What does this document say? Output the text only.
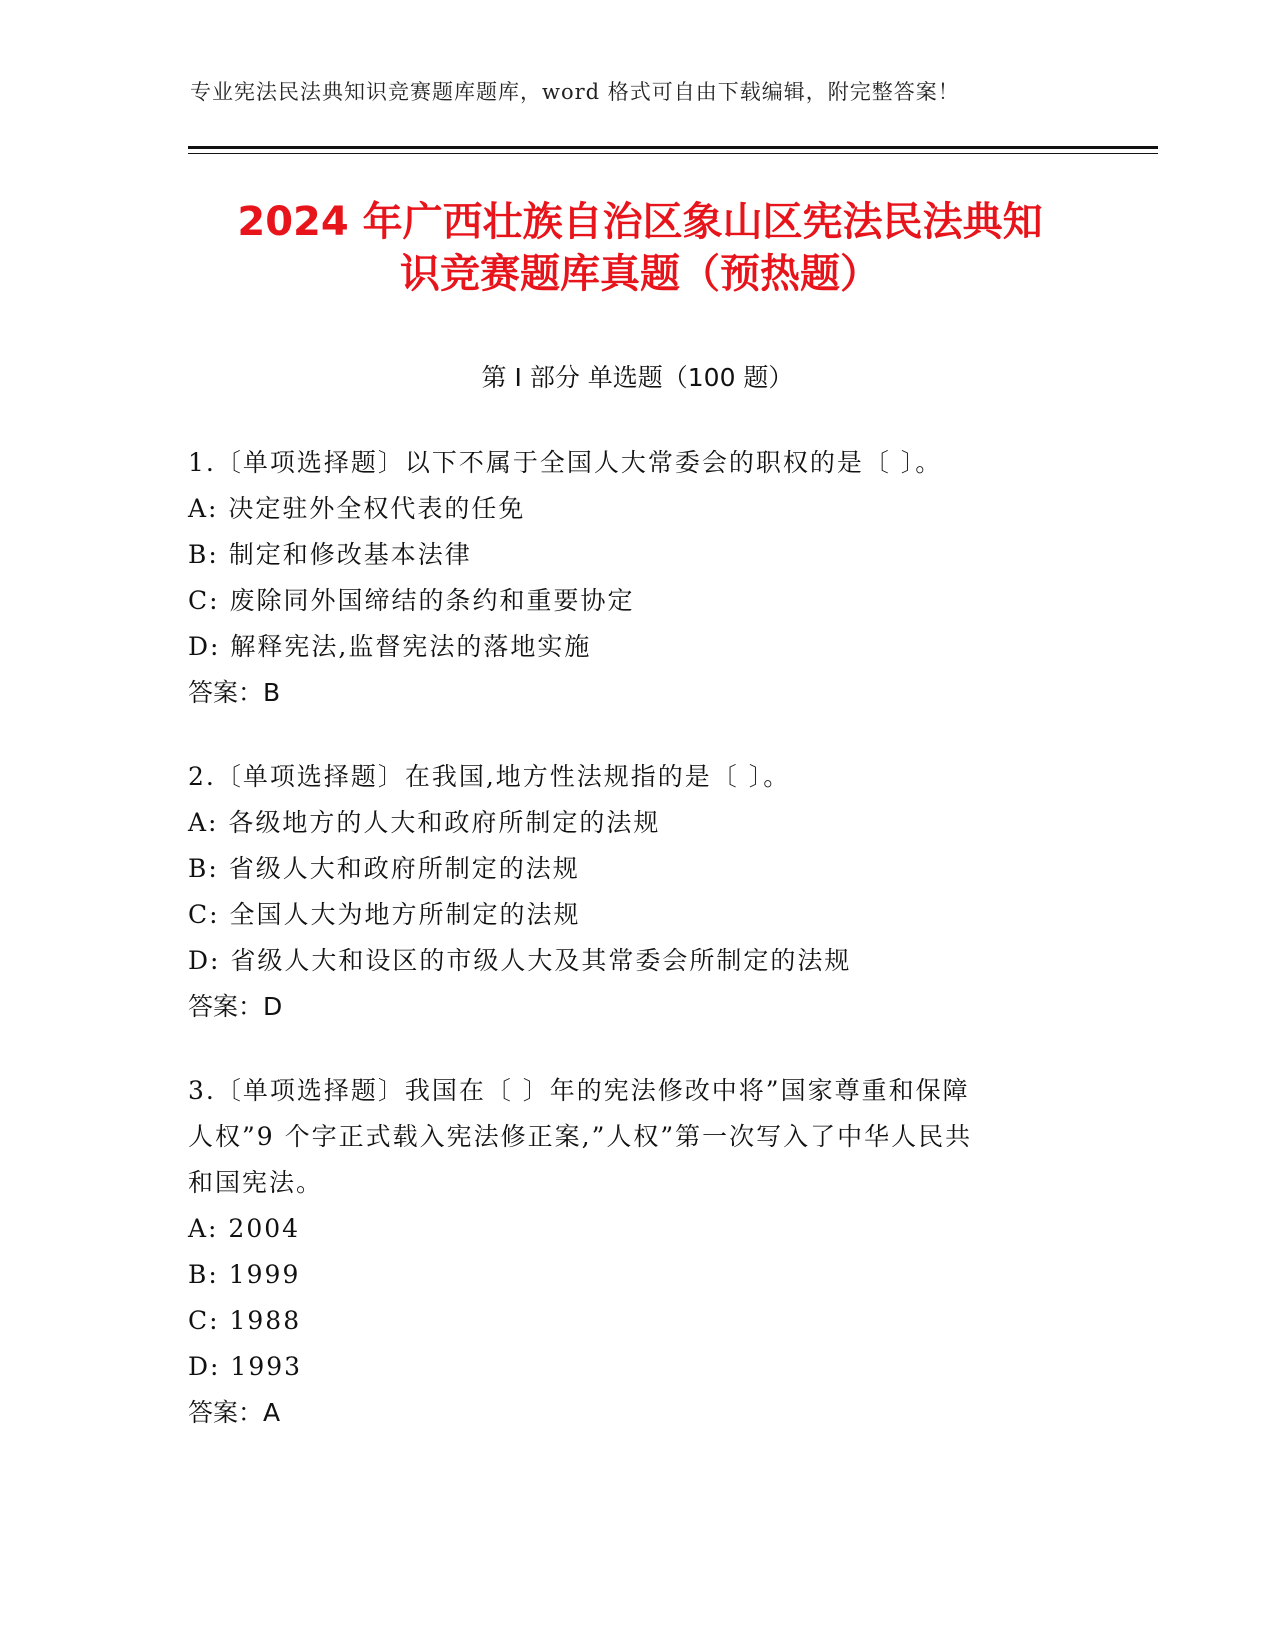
专业宪法民法典知识竞赛题库题库，word 格式可自由下载编辑，附完整答案！
2024 年广西壮族自治区象山区宪法民法典知
识竞赛题库真题（预热题）
第 I 部分 单选题（100 题）

1.〔单项选择题〕以下不属于全国人大常委会的职权的是〔 〕。

A: 决定驻外全权代表的任免

B: 制定和修改基本法律

C: 废除同外国缔结的条约和重要协定

D: 解释宪法,监督宪法的落地实施

答案：B

2.〔单项选择题〕在我国,地方性法规指的是〔 〕。

A: 各级地方的人大和政府所制定的法规

B: 省级人大和政府所制定的法规

C: 全国人大为地方所制定的法规

D: 省级人大和设区的市级人大及其常委会所制定的法规

答案：D

3.〔单项选择题〕我国在〔 〕年的宪法修改中将”国家尊重和保障

人权”9 个字正式载入宪法修正案,”人权”第一次写入了中华人民共

和国宪法。

A: 2004

B: 1999

C: 1988

D: 1993

答案：A
